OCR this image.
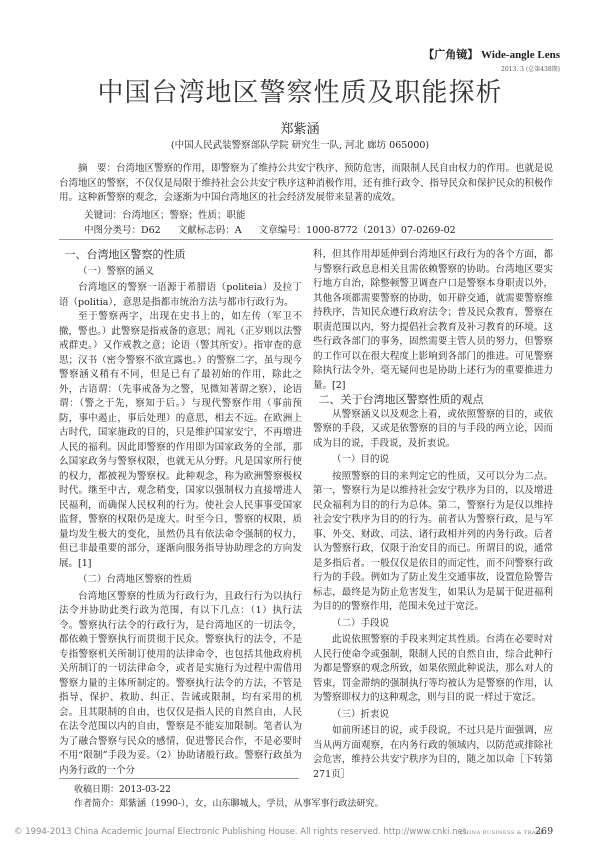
【广角镜】 Wide-angle Lens
2013. 3 (总第438期)
中国台湾地区警察性质及职能探析
郑紫涵
(中国人民武装警察部队学院 研究生一队, 河北 廊坊 065000)
摘　要：台湾地区警察的作用，即警察为了维持公共安宁秩序、预防危害，而限制人民自由权力的作用。也就是说台湾地区的警察，不仅仅是局限于维持社会公共安宁秩序这种消极作用，还有推行政令、指导民众和保护民众的积极作用。这种新警察的观念，会逐渐为中国台湾地区的社会经济发展带来显著的成效。
关键词：台湾地区；警察；性质；职能
中图分类号：D62 文献标志码：A 文章编号：1000-8772（2013）07-0269-02

一、台湾地区警察的性质

（一）警察的涵义

台湾地区的警察一语源于希腊语（politeia）及拉丁语（politia），意思是指都市统治方法与都市行政行为。

至于警察两字，出现在史书上的，如左传（军卫不撤，警也。）此警察是指戒备的意思；周礼（正岁则以法警戒群吏。）又作戒教之意；论语（警其所安）。指审查的意思；汉书（密令警察不欲宣露也。）的警察二字，虽与现今警察涵义稍有不同，但是已有了最初始的作用，除此之外，古语谓：（先事戒备为之警，见微知著谓之察），论语谓：（警之于先，察知于后。）与现代警察作用（事前预防，事中遏止，事后处理）的意思，相去不远。在欧洲上古时代，国家施政的目的，只是维护国家安宁，不再增进人民的福利。因此即警察的作用即为国家政务的全部，那么国家政务与警察权限，也就无从分野。凡是国家所行使的权力，都被视为警察权。此种观念，称为欧洲警察极权时代。继至中古，观念稍变，国家以强制权力直接增进人民福利，而确保人民权利的行为。使社会人民事事受国家监督，警察的权限仍是庞大。时至今日，警察的权限，质量均发生极大的变化，虽然仍具有依法命令强制的权力，但已非最重要的部分，逐渐向服务指导协助理念的方向发展。[1]

（二）台湾地区警察的性质

台湾地区警察的性质为行政行为，且政行行为以执行法令并协助此类行政为范围，有以下几点：（1）执行法令。警察执行法令的行政行为，是台湾地区的一切法令，都依赖于警察执行而贯彻于民众。警察执行的法令，不是专指警察机关所制订使用的法律命令，也包括其他政府机关所制订的一切法律命令，或者是实施行为过程中需借用警察力量的主体所制定的。警察执行法令的方法，不管是指导、保护、救助、纠正、告诫或限制，均有采用的机会。且其限制的自由，也仅仅是指人民的自然自由，人民在法令范围以内的自由，警察是不能妄加限制。笔者认为为了融合警察与民众的感情，促进警民合作，不是必要时不用“限制”手段为妥。（2）协助诸般行政。警察行政虽为内务行政的一个分

科，但其作用却延伸到台湾地区行政行为的各个方面，都与警察行政息息相关且需依赖警察的协助。台湾地区要实行地方自治，除整顿警卫调查户口是警察本身职责以外，其他各项都需要警察的协助，如开辟交通，就需要警察维持秩序，告知民众遵行政府法令；普及民众教育，警察在职责范围以内，努力提倡社会教育及补习教育的环境。这些行政各部门的事务，固然需要主管人员的努力，但警察的工作可以在很大程度上影响到各部门的推进。可见警察除执行法令外，毫无疑问也是协助上述行为的重要推进力量。[2]

二、关于台湾地区警察性质的观点

从警察涵义以及观念上看，或依照警察的目的，或依警察的手段，又或是依警察的目的与手段的两立论，因而成为目的说，手段说，及折衷说。

（一）目的说

按照警察的目的来判定它的性质，又可以分为二点。第一，警察行为是以维持社会安宁秩序为目的，以及增进民众福利为目的的行为总体。第二，警察行为是仅以维持社会安宁秩序为目的的行为。前者认为警察行政，是与军事、外交、财政、司法、诸行政相并列的内务行政。后者认为警察行政，仅限于治安目的而已。所谓目的说，通常是多指后者。一般仅仅是依目的而定性，而不问警察行政行为的手段。例如为了防止发生交通事故，设置危险警告标志，最终是为防止危害发生，如果认为是属于促进福利为目的的警察作用，范围未免过于宽泛。

（二）手段说

此说依照警察的手段来判定其性质。台湾在必要时对人民行使命令或强制，限制人民的自然自由，综合此种行为都是警察的观念所致，如果依照此种说法，那么对人的管束，罚金滞纳的强制执行等均被认为是警察的作用，认为警察即权力的这种观念，则与目的说一样过于宽泛。

（三）折衷说

如前所述目的说，或手段说，不过只是片面强调，应当从两方面观察，在内务行政的领域内，以防范或排除社会危害，维持公共安宁秩序为目的，随之加以命［下转第271页］

收稿日期：2013-03-22
作者简介：郑紫涵（1990-），女，山东聊城人，学员，从事军事行政法研究。
© 1994-2013 China Academic Journal Electronic Publishing House. All rights reserved. http://www.cnki.net
CHINA BUSINESS & TRADE
269
